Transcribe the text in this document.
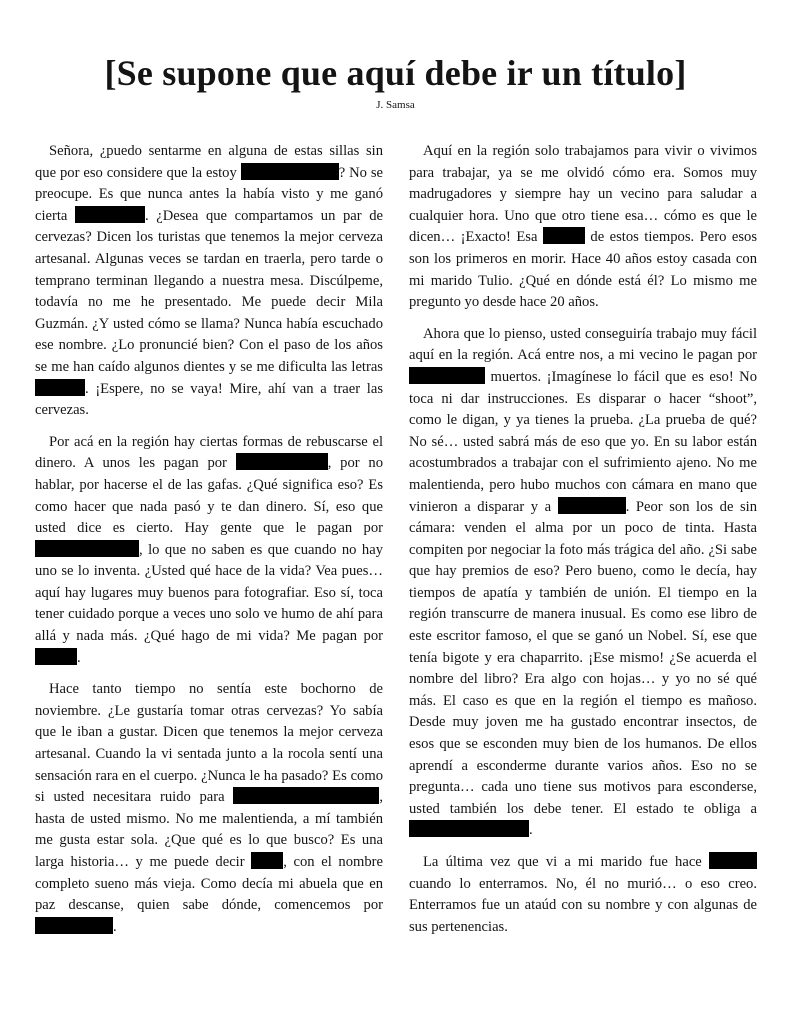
[Se supone que aquí debe ir un título]
J. Samsa

Señora, ¿puedo sentarme en alguna de estas sillas sin que por eso considere que la estoy	? No se preocupe. Es que nunca antes la había visto y me ganó cierta	. ¿Desea que compartamos un par de cervezas? Dicen los turistas que tenemos la mejor cerveza artesanal. Algunas veces se tardan en traerla, pero tarde o temprano terminan llegando a nuestra mesa. Discúlpeme, todavía no me he presentado. Me puede decir Mila Guzmán. ¿Y usted cómo se llama? Nunca había escuchado ese nombre. ¿Lo pronuncié bien? Con el paso de los años se me han caído algunos dientes y se me dificulta las letras . ¡Espere, no se vaya! Mire, ahí van a traer las cervezas.

Por acá en la región hay ciertas formas de rebuscarse el dinero. A unos les pagan por	, por no hablar, por hacerse el de las gafas. ¿Qué significa eso? Es como hacer que nada pasó y te dan dinero. Sí, eso que usted dice es cierto. Hay gente que le pagan por , lo que no saben es que cuando no hay uno se lo inventa. ¿Usted qué hace de la vida? Vea pues… aquí hay lugares muy buenos para fotografiar. Eso sí, toca tener cuidado porque a veces uno solo ve humo de ahí para allá y nada más. ¿Qué hago de mi vida? Me pagan por .

Hace tanto tiempo no sentía este bochorno de noviembre. ¿Le gustaría tomar otras cervezas? Yo sabía que le iban a gustar. Dicen que tenemos la mejor cerveza artesanal. Cuando la vi sentada junto a la rocola sentí una sensación rara en el cuerpo. ¿Nunca le ha pasado? Es como si usted necesitara ruido para	, hasta de usted mismo. No me malentienda, a mí también me gusta estar sola. ¿Que qué es lo que busco? Es una larga historia… y me puede decir	, con el nombre completo sueno más vieja. Como decía mi abuela que en paz descanse, quien sabe dónde, comencemos por .

Aquí en la región solo trabajamos para vivir o vivimos para trabajar, ya se me olvidó cómo era. Somos muy madrugadores y siempre hay un vecino para saludar a cualquier hora. Uno que otro tiene esa… cómo es que le dicen… ¡Exacto! Esa	de estos tiempos. Pero esos son los primeros en morir. Hace 40 años estoy casada con mi marido Tulio. ¿Qué en dónde está él? Lo mismo me pregunto yo desde hace 20 años.

Ahora que lo pienso, usted conseguiría trabajo muy fácil aquí en la región. Acá entre nos, a mi vecino le pagan por  muertos. ¡Imagínese lo fácil que es eso! No toca ni dar instrucciones. Es disparar o hacer “shoot”, como le digan, y ya tienes la prueba. ¿La prueba de qué? No sé… usted sabrá más de eso que yo. En su labor están acostumbrados a trabajar con el sufrimiento ajeno. No me malentienda, pero hubo muchos con cámara en mano que vinieron a disparar y a	. Peor son los de sin cámara: venden el alma por un poco de tinta. Hasta compiten por negociar la foto más trágica del año. ¿Si sabe que hay premios de eso? Pero bueno, como le decía, hay tiempos de apatía y también de unión. El tiempo en la región transcurre de manera inusual. Es como ese libro de este escritor famoso, el que se ganó un Nobel. Sí, ese que tenía bigote y era chaparrito. ¡Ese mismo! ¿Se acuerda el nombre del libro? Era algo con hojas… y yo no sé qué más. El caso es que en la región el tiempo es mañoso. Desde muy joven me ha gustado encontrar insectos, de esos que se esconden muy bien de los humanos. De ellos aprendí a esconderme durante varios años. Eso no se pregunta… cada uno tiene sus motivos para esconderse, usted también los debe tener. El estado te obliga a .

La última vez que vi a mi marido fue hace  cuando lo enterramos. No, él no murió… o eso creo. Enterramos fue un ataúd con su nombre y con algunas de sus pertenencias.
